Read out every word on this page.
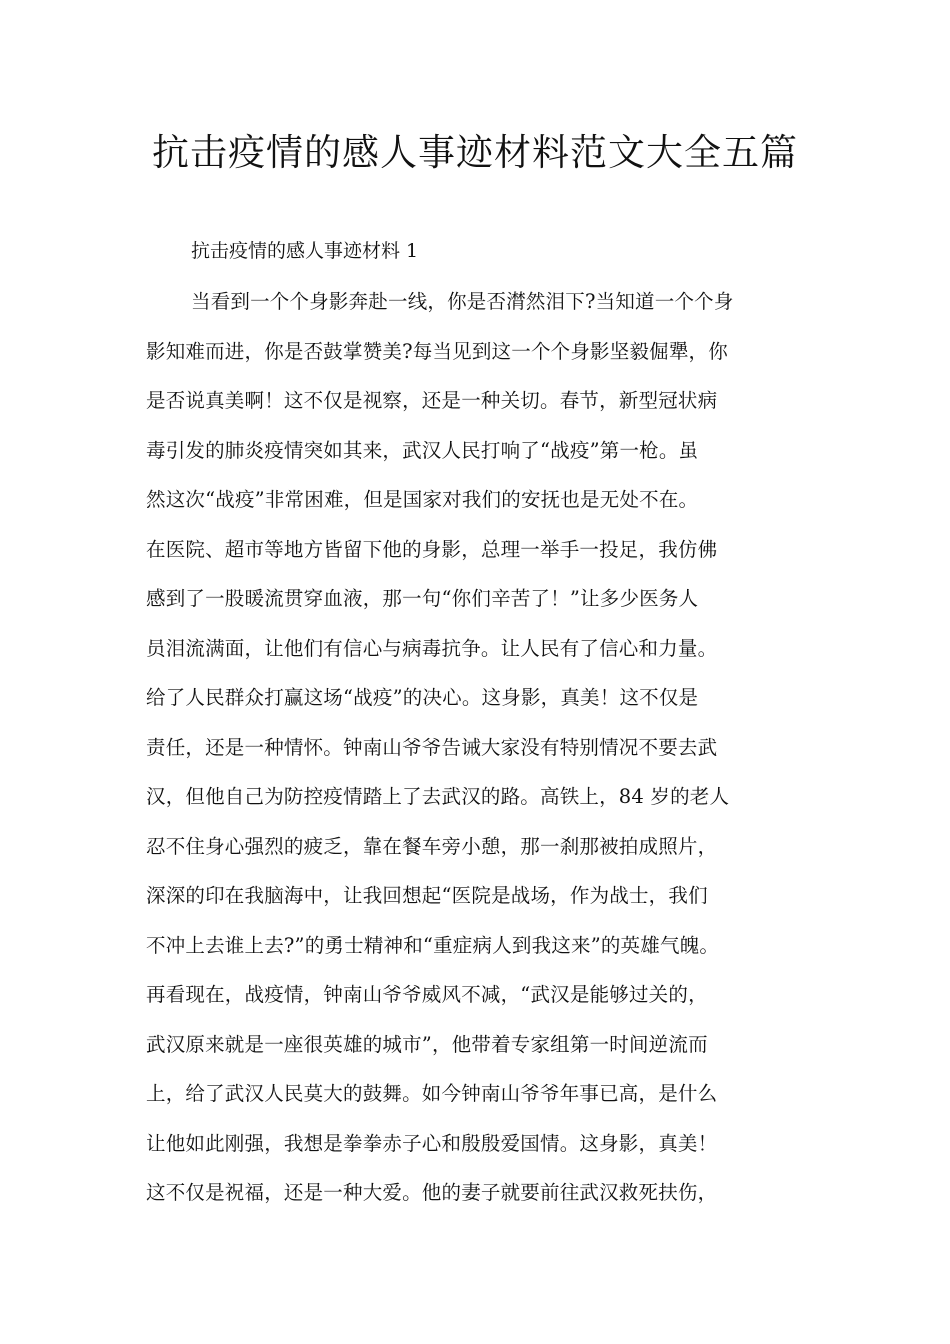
抗击疫情的感人事迹材料范文大全五篇
抗击疫情的感人事迹材料 1
当看到一个个身影奔赴一线，你是否潸然泪下?当知道一个个身
影知难而进，你是否鼓掌赞美?每当见到这一个个身影坚毅倔犟，你
是否说真美啊！这不仅是视察，还是一种关切。春节，新型冠状病
毒引发的肺炎疫情突如其来，武汉人民打响了“战疫”第一枪。虽
然这次“战疫”非常困难，但是国家对我们的安抚也是无处不在。
在医院、超市等地方皆留下他的身影，总理一举手一投足，我仿佛
感到了一股暖流贯穿血液，那一句“你们辛苦了！”让多少医务人
员泪流满面，让他们有信心与病毒抗争。让人民有了信心和力量。
给了人民群众打赢这场“战疫”的决心。这身影，真美！这不仅是
责任，还是一种情怀。钟南山爷爷告诫大家没有特别情况不要去武
汉，但他自己为防控疫情踏上了去武汉的路。高铁上，84 岁的老人
忍不住身心强烈的疲乏，靠在餐车旁小憩，那一刹那被拍成照片，
深深的印在我脑海中，让我回想起“医院是战场，作为战士，我们
不冲上去谁上去?”的勇士精神和“重症病人到我这来”的英雄气魄。
再看现在，战疫情，钟南山爷爷威风不减，“武汉是能够过关的，
武汉原来就是一座很英雄的城市”，他带着专家组第一时间逆流而
上，给了武汉人民莫大的鼓舞。如今钟南山爷爷年事已高，是什么
让他如此刚强，我想是拳拳赤子心和殷殷爱国情。这身影，真美！
这不仅是祝福，还是一种大爱。他的妻子就要前往武汉救死扶伤，
